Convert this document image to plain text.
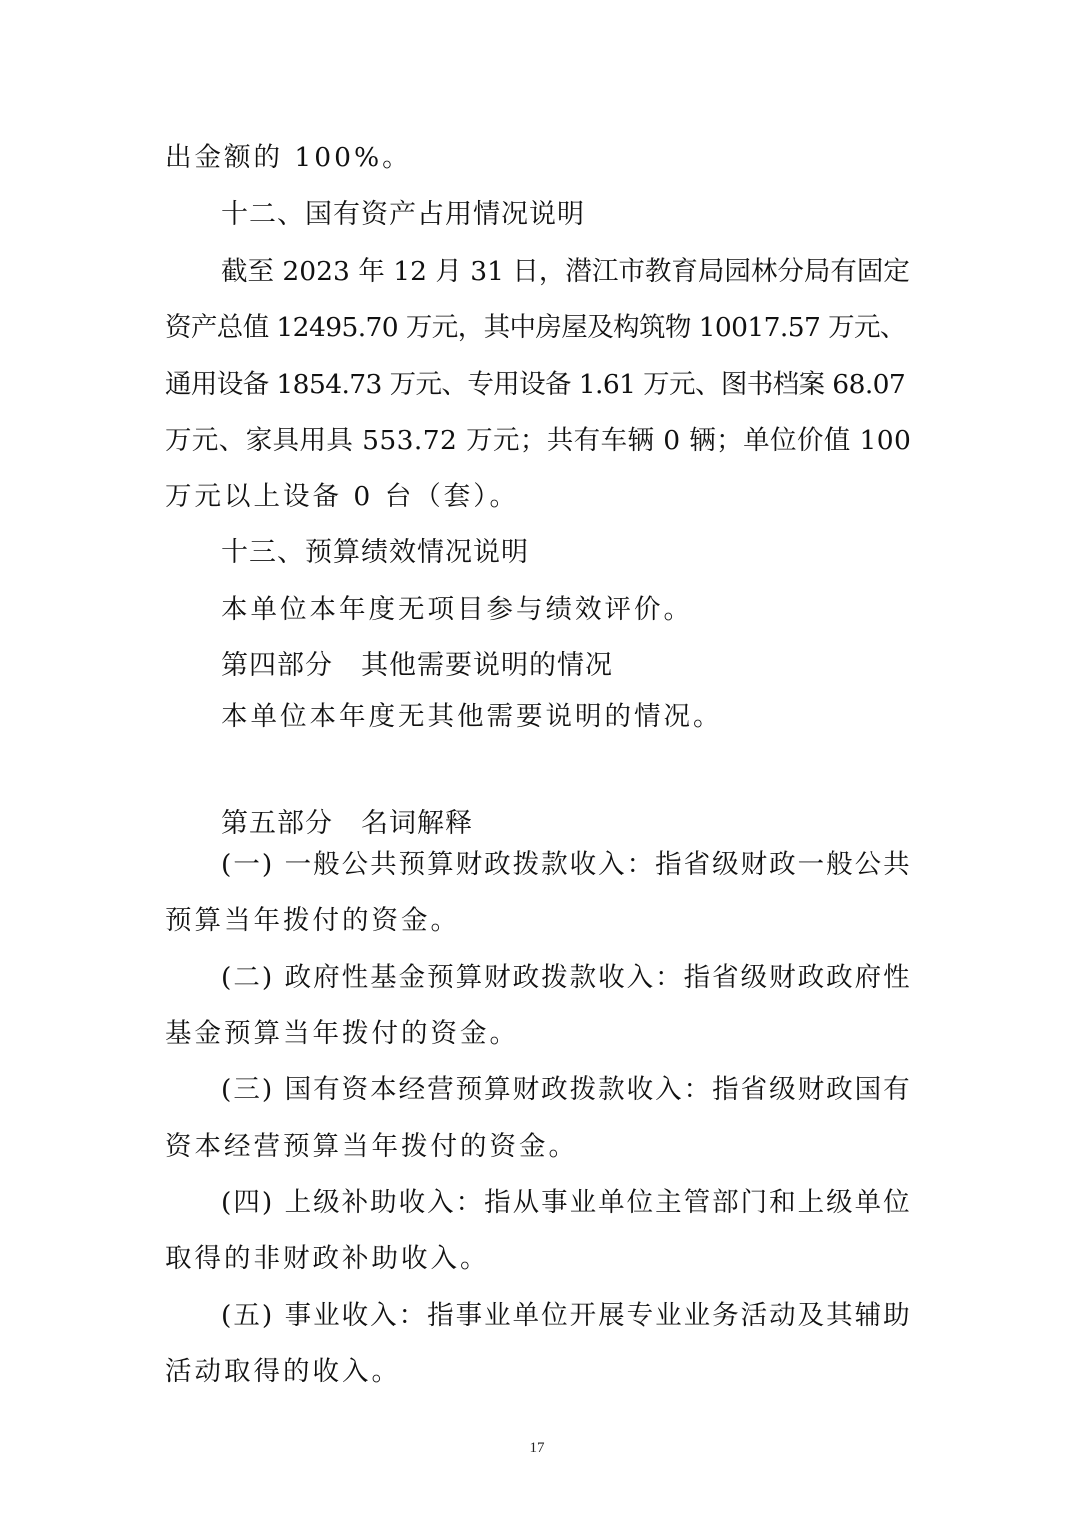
出金额的 100%。
十二、国有资产占用情况说明
截至 2023 年 12 月 31 日，潜江市教育局园林分局有固定
资产总值 12495.70 万元，其中房屋及构筑物 10017.57 万元、
通用设备 1854.73 万元、专用设备 1.61 万元、图书档案 68.07
万元、家具用具 553.72 万元；共有车辆 0 辆；单位价值 100
万元以上设备 0 台（套）。
十三、预算绩效情况说明
本单位本年度无项目参与绩效评价。
第四部分　其他需要说明的情况
本单位本年度无其他需要说明的情况。
第五部分　名词解释
(一) 一般公共预算财政拨款收入：指省级财政一般公共
预算当年拨付的资金。
(二) 政府性基金预算财政拨款收入：指省级财政政府性
基金预算当年拨付的资金。
(三) 国有资本经营预算财政拨款收入：指省级财政国有
资本经营预算当年拨付的资金。
(四) 上级补助收入：指从事业单位主管部门和上级单位
取得的非财政补助收入。
(五) 事业收入：指事业单位开展专业业务活动及其辅助
活动取得的收入。
17
